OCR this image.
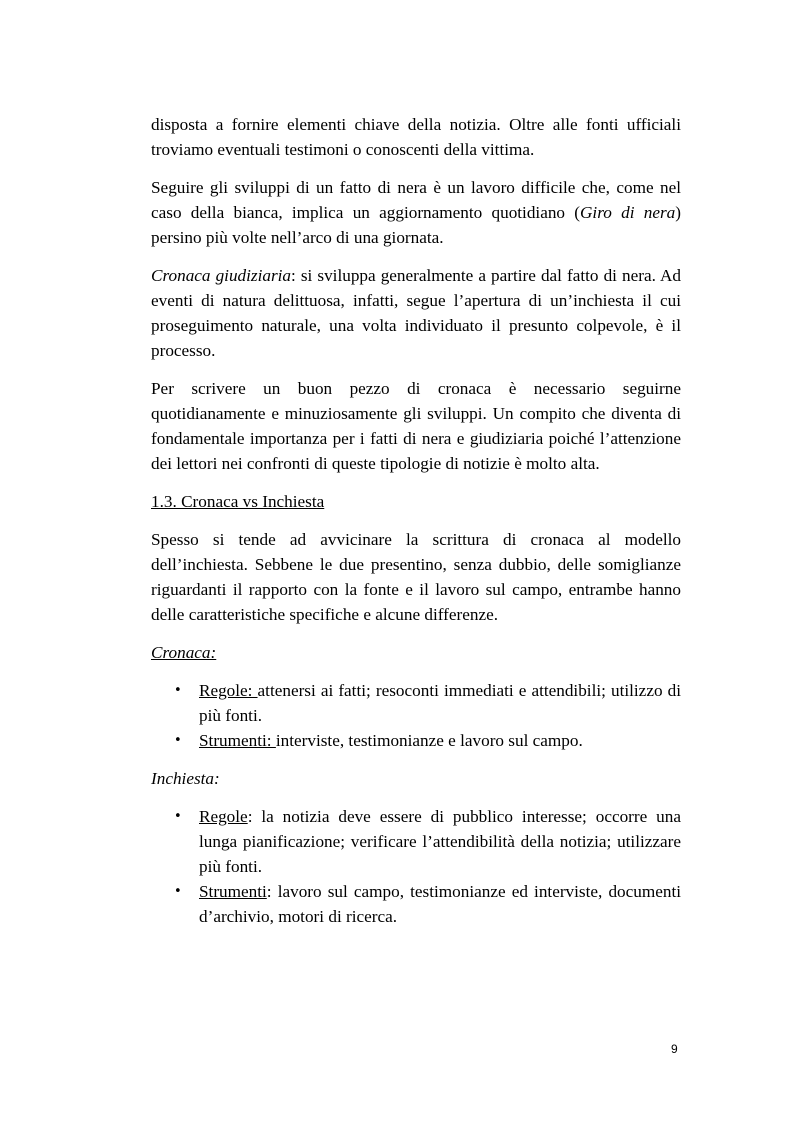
disposta a fornire elementi chiave della notizia. Oltre alle fonti ufficiali troviamo eventuali testimoni o conoscenti della vittima.

Seguire gli sviluppi di un fatto di nera è un lavoro difficile che, come nel caso della bianca, implica un aggiornamento quotidiano (Giro di nera) persino più volte nell’arco di una giornata.

Cronaca giudiziaria: si sviluppa generalmente a partire dal fatto di nera. Ad eventi di natura delittuosa, infatti, segue l’apertura di un’inchiesta il cui proseguimento naturale, una volta individuato il presunto colpevole, è il processo.

Per scrivere un buon pezzo di cronaca è necessario seguirne quotidianamente e minuziosamente gli sviluppi. Un compito che diventa di fondamentale importanza per i fatti di nera e giudiziaria poiché l’attenzione dei lettori nei confronti di queste tipologie di notizie è molto alta.

1.3. Cronaca vs Inchiesta

Spesso si tende ad avvicinare la scrittura di cronaca al modello dell’inchiesta. Sebbene le due presentino, senza dubbio, delle somiglianze riguardanti il rapporto con la fonte e il lavoro sul campo, entrambe hanno delle caratteristiche specifiche e alcune differenze.

Cronaca:
• Regole: attenersi ai fatti; resoconti immediati e attendibili; utilizzo di più fonti.
• Strumenti: interviste, testimonianze e lavoro sul campo.
Inchiesta:
• Regole: la notizia deve essere di pubblico interesse; occorre una lunga pianificazione; verificare l’attendibilità della notizia; utilizzare più fonti.
• Strumenti: lavoro sul campo, testimonianze ed interviste, documenti d’archivio, motori di ricerca.
9
